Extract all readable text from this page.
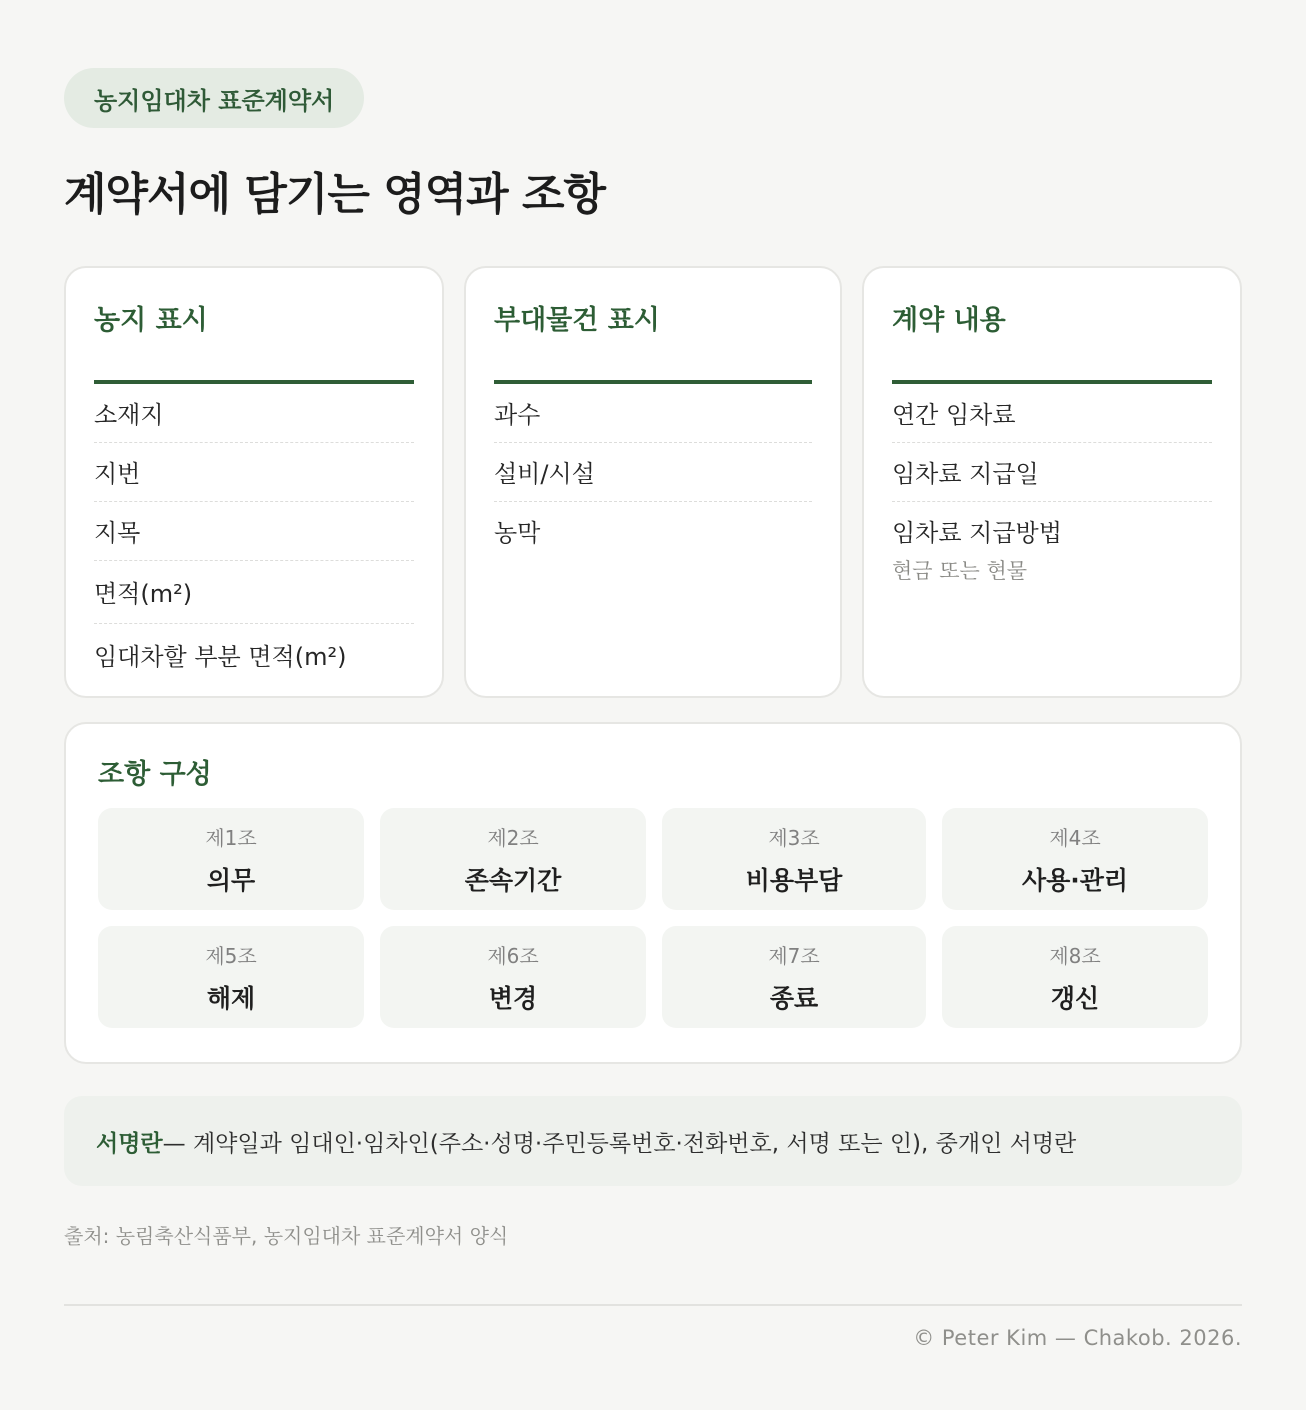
농지임대차 표준계약서
계약서에 담기는 영역과 조항
농지 표시
소재지
지번
지목
면적(m²)
임대차할 부분 면적(m²)
부대물건 표시
과수
설비/시설
농막
계약 내용
연간 임차료
임차료 지급일
임차료 지급방법
현금 또는 현물
조항 구성
제1조
의무
제2조
존속기간
제3조
비용부담
제4조
사용·관리
제5조
해제
제6조
변경
제7조
종료
제8조
갱신
서명란 — 계약일과 임대인·임차인(주소·성명·주민등록번호·전화번호, 서명 또는 인), 중개인 서명란
출처: 농림축산식품부, 농지임대차 표준계약서 양식
© Peter Kim — Chakob. 2026.
